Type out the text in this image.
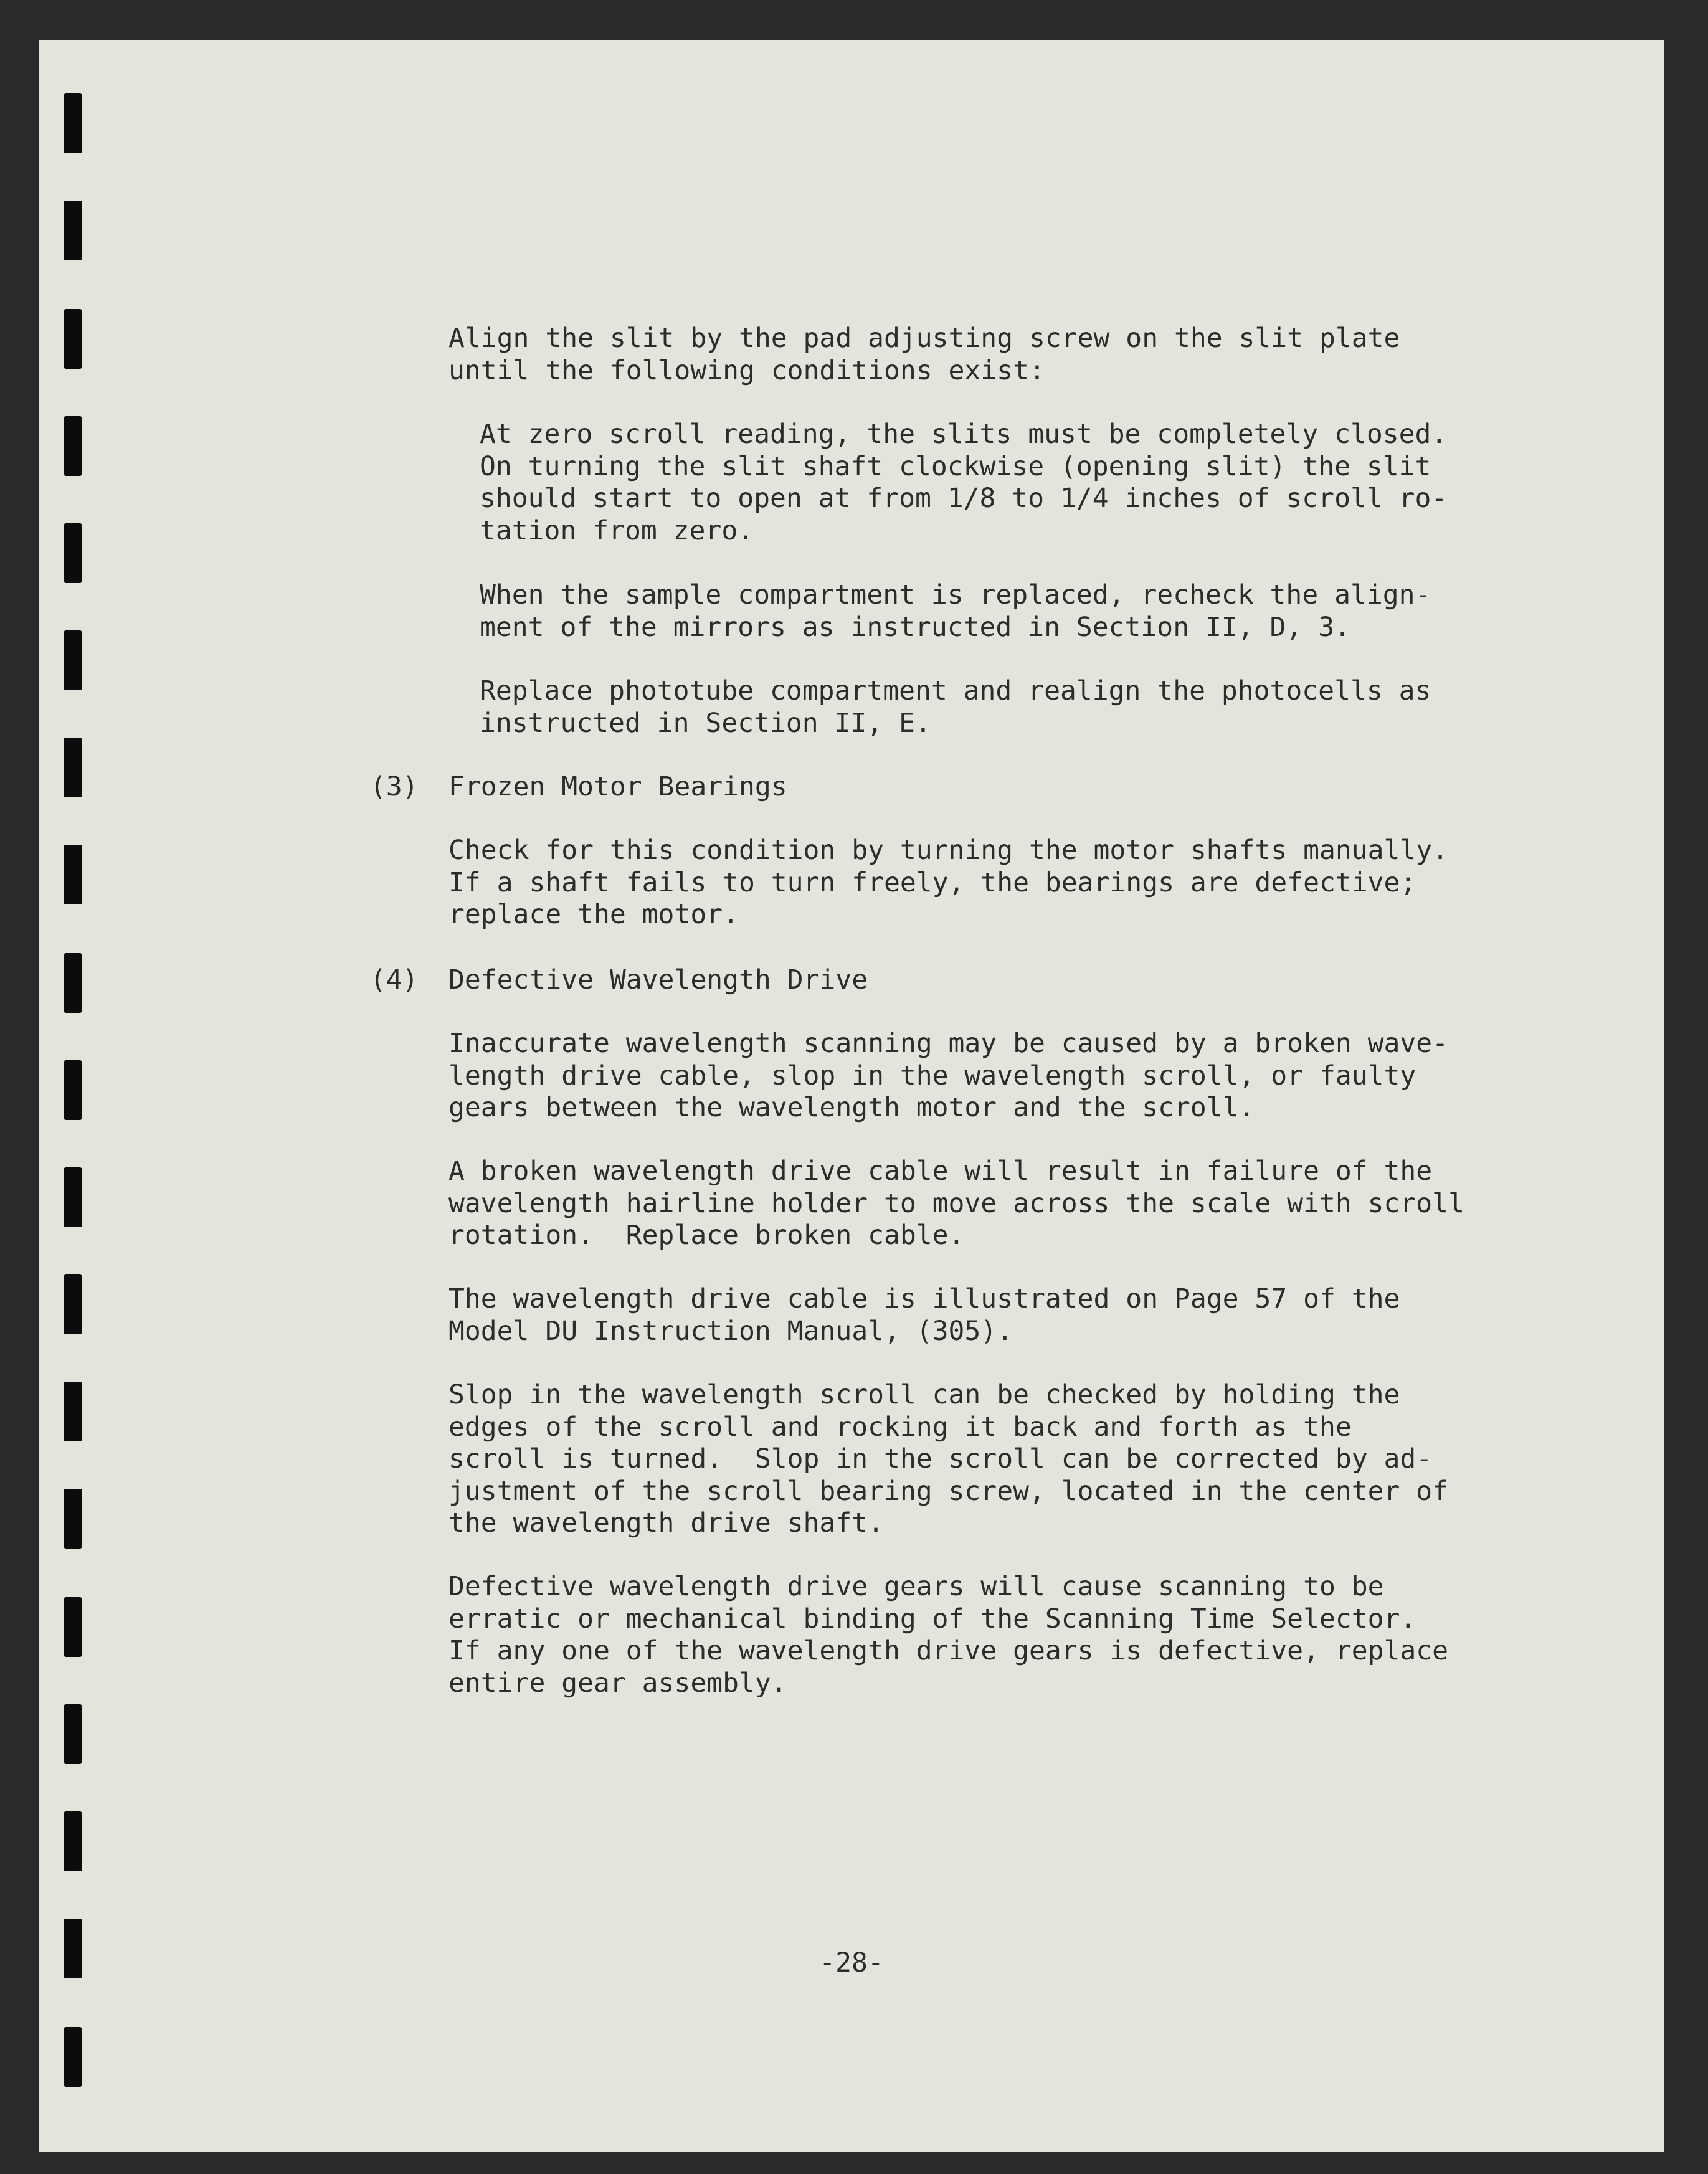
Align the slit by the pad adjusting screw on the slit plate
until the following conditions exist:

At zero scroll reading, the slits must be completely closed.
On turning the slit shaft clockwise (opening slit) the slit
should start to open at from 1/8 to 1/4 inches of scroll ro-
tation from zero.

When the sample compartment is replaced, recheck the align-
ment of the mirrors as instructed in Section II, D, 3.

Replace phototube compartment and realign the photocells as
instructed in Section II, E.

(3) Frozen Motor Bearings

Check for this condition by turning the motor shafts manually.
If a shaft fails to turn freely, the bearings are defective;
replace the motor.

(4) Defective Wavelength Drive

Inaccurate wavelength scanning may be caused by a broken wave-
length drive cable, slop in the wavelength scroll, or faulty
gears between the wavelength motor and the scroll.

A broken wavelength drive cable will result in failure of the
wavelength hairline holder to move across the scale with scroll
rotation.  Replace broken cable.

The wavelength drive cable is illustrated on Page 57 of the
Model DU Instruction Manual, (305).

Slop in the wavelength scroll can be checked by holding the
edges of the scroll and rocking it back and forth as the
scroll is turned.  Slop in the scroll can be corrected by ad-
justment of the scroll bearing screw, located in the center of
the wavelength drive shaft.

Defective wavelength drive gears will cause scanning to be
erratic or mechanical binding of the Scanning Time Selector.
If any one of the wavelength drive gears is defective, replace
entire gear assembly.

-28-
